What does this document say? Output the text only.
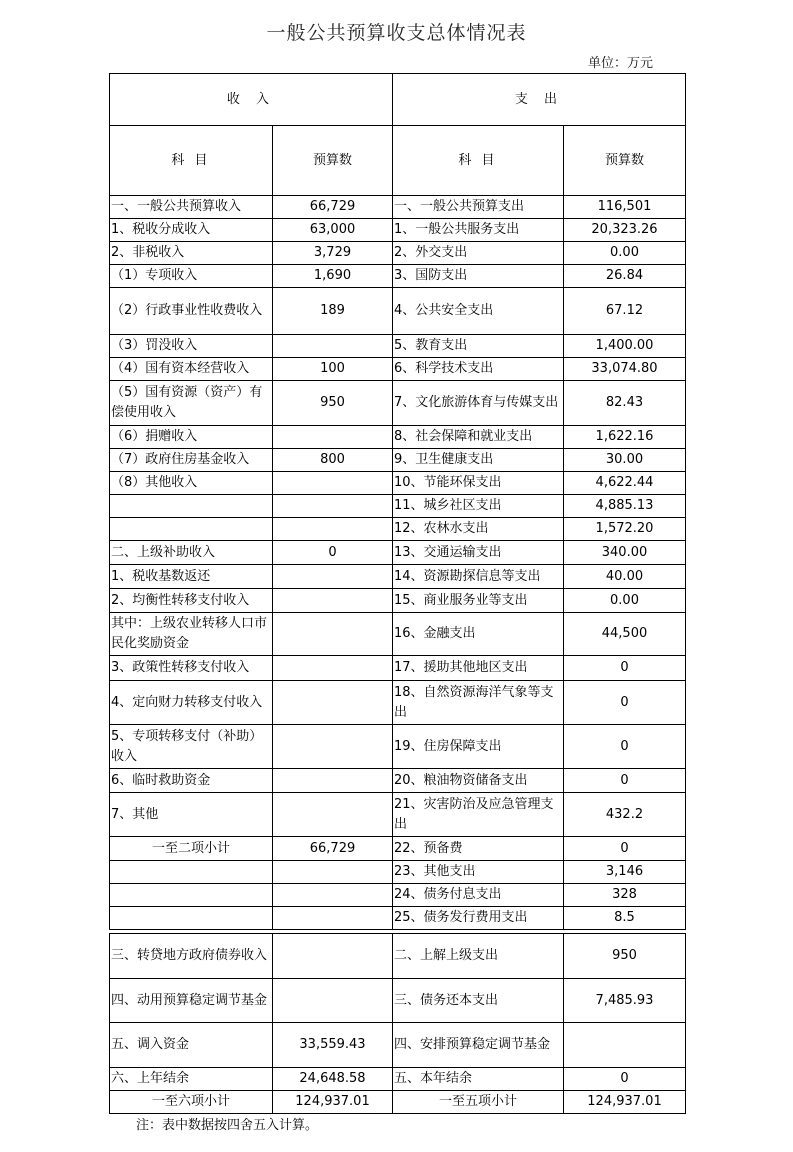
一般公共预算收支总体情况表
单位：万元
收 入		支 出	
科 目	预算数	科 目	预算数
一、一般公共预算收入	66,729	一、一般公共预算支出	116,501
1、税收分成收入	63,000	1、一般公共服务支出	20,323.26
2、非税收入	3,729	2、外交支出	0.00
（1）专项收入	1,690	3、国防支出	26.84
（2）行政事业性收费收入	189	4、公共安全支出	67.12
（3）罚没收入		5、教育支出	1,400.00
（4）国有资本经营收入	100	6、科学技术支出	33,074.80
（5）国有资源（资产）有偿使用收入	950	7、文化旅游体育与传媒支出	82.43
（6）捐赠收入		8、社会保障和就业支出	1,622.16
（7）政府住房基金收入	800	9、卫生健康支出	30.00
（8）其他收入		10、节能环保支出	4,622.44
		11、城乡社区支出	4,885.13
		12、农林水支出	1,572.20
二、上级补助收入	0	13、交通运输支出	340.00
1、税收基数返还		14、资源勘探信息等支出	40.00
2、均衡性转移支付收入		15、商业服务业等支出	0.00
其中：上级农业转移人口市民化奖励资金		16、金融支出	44,500
3、政策性转移支付收入		17、援助其他地区支出	0
4、定向财力转移支付收入		18、自然资源海洋气象等支出	0
5、专项转移支付（补助）收入		19、住房保障支出	0
6、临时救助资金		20、粮油物资储备支出	0
7、其他		21、灾害防治及应急管理支出	432.2
一至二项小计	66,729	22、预备费	0
		23、其他支出	3,146
		24、债务付息支出	328
		25、债务发行费用支出	8.5
三、转贷地方政府债券收入		二、上解上级支出	950
四、动用预算稳定调节基金		三、债务还本支出	7,485.93
五、调入资金	33,559.43	四、安排预算稳定调节基金	
六、上年结余	24,648.58	五、本年结余	0
一至六项小计	124,937.01	一至五项小计	124,937.01
注：表中数据按四舍五入计算。
